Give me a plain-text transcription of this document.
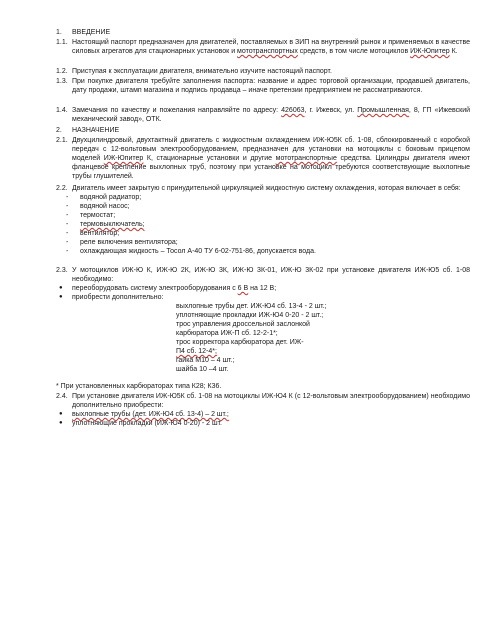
1. ВВЕДЕНИЕ
1.1. Настоящий паспорт предназначен для двигателей, поставляемых в ЗИП на внутренний рынок и применяемых в качестве силовых агрегатов для стационарных установок и мототранспортных средств, в том числе мотоциклов ИЖ-Юпитер К.
1.2. Приступая к эксплуатации двигателя, внимательно изучите настоящий паспорт.
1.3. При покупке двигателя требуйте заполнения паспорта: название и адрес торговой организации, продавшей двигатель, дату продажи, штамп магазина и подпись продавца – иначе претензии предприятием не рассматриваются.
1.4. Замечания по качеству и пожелания направляйте по адресу: 426063, г. Ижевск, ул. Промышленная, 8, ГП «Ижевский механический завод», ОТК.
2. НАЗНАЧЕНИЕ
2.1. Двухцилиндровый, двухтактный двигатель с жидкостным охлаждением ИЖ-Ю5К сб. 1-08, сблокированный с коробкой передач с 12-вольтовым электрооборудованием, предназначен для установки на мотоциклы с боковым прицепом моделей ИЖ-Юпитер К, стационарные установки и другие мототранспортные средства. Цилиндры двигателя имеют фланцевое крепление выхлопных труб, поэтому при установке на мотоцикл требуются соответствующие выхлопные трубы глушителей.
2.2. Двигатель имеет закрытую с принудительной циркуляцией жидкостную систему охлаждения, которая включает в себя:
- водяной радиатор;
- водяной насос;
- термостат;
- термовыключатель;
- вентилятор;
- реле включения вентилятора;
- охлаждающая жидкость – Тосол А-40 ТУ 6-02-751-86, допускается вода.
2.3. У мотоциклов ИЖ-Ю К, ИЖ-Ю 2К, ИЖ-Ю 3К, ИЖ-Ю 3К-01, ИЖ-Ю 3К-02 при установке двигателя ИЖ-Ю5 сб. 1-08 необходимо:
● переоборудовать систему электрооборудования с 6 В на 12 В;
● приобрести дополнительно:
выхлопные трубы дет. ИЖ-Ю4 сб. 13-4 - 2 шт.;
уплотняющие прокладки ИЖ-Ю4 0-20 - 2 шт.;
трос управления дроссельной заслонкой
карбюратора ИЖ-П сб. 12-2-1*;
трос корректора карбюратора дет. ИЖ-
П4 сб. 12-4*;
гайка М10 – 4 шт.;
шайба 10 –4 шт.
* При установленных карбюраторах типа К28; К36.
2.4. При установке двигателя ИЖ-Ю5К сб. 1-08 на мотоциклы ИЖ-Ю4 К (с 12-вольтовым электрооборудованием) необходимо дополнительно приобрести:
● выхлопные трубы (дет. ИЖ-Ю4 сб. 13-4) – 2 шт.;
● уплотняющие прокладки (ИЖ-Ю4 0-20) - 2 шт.
